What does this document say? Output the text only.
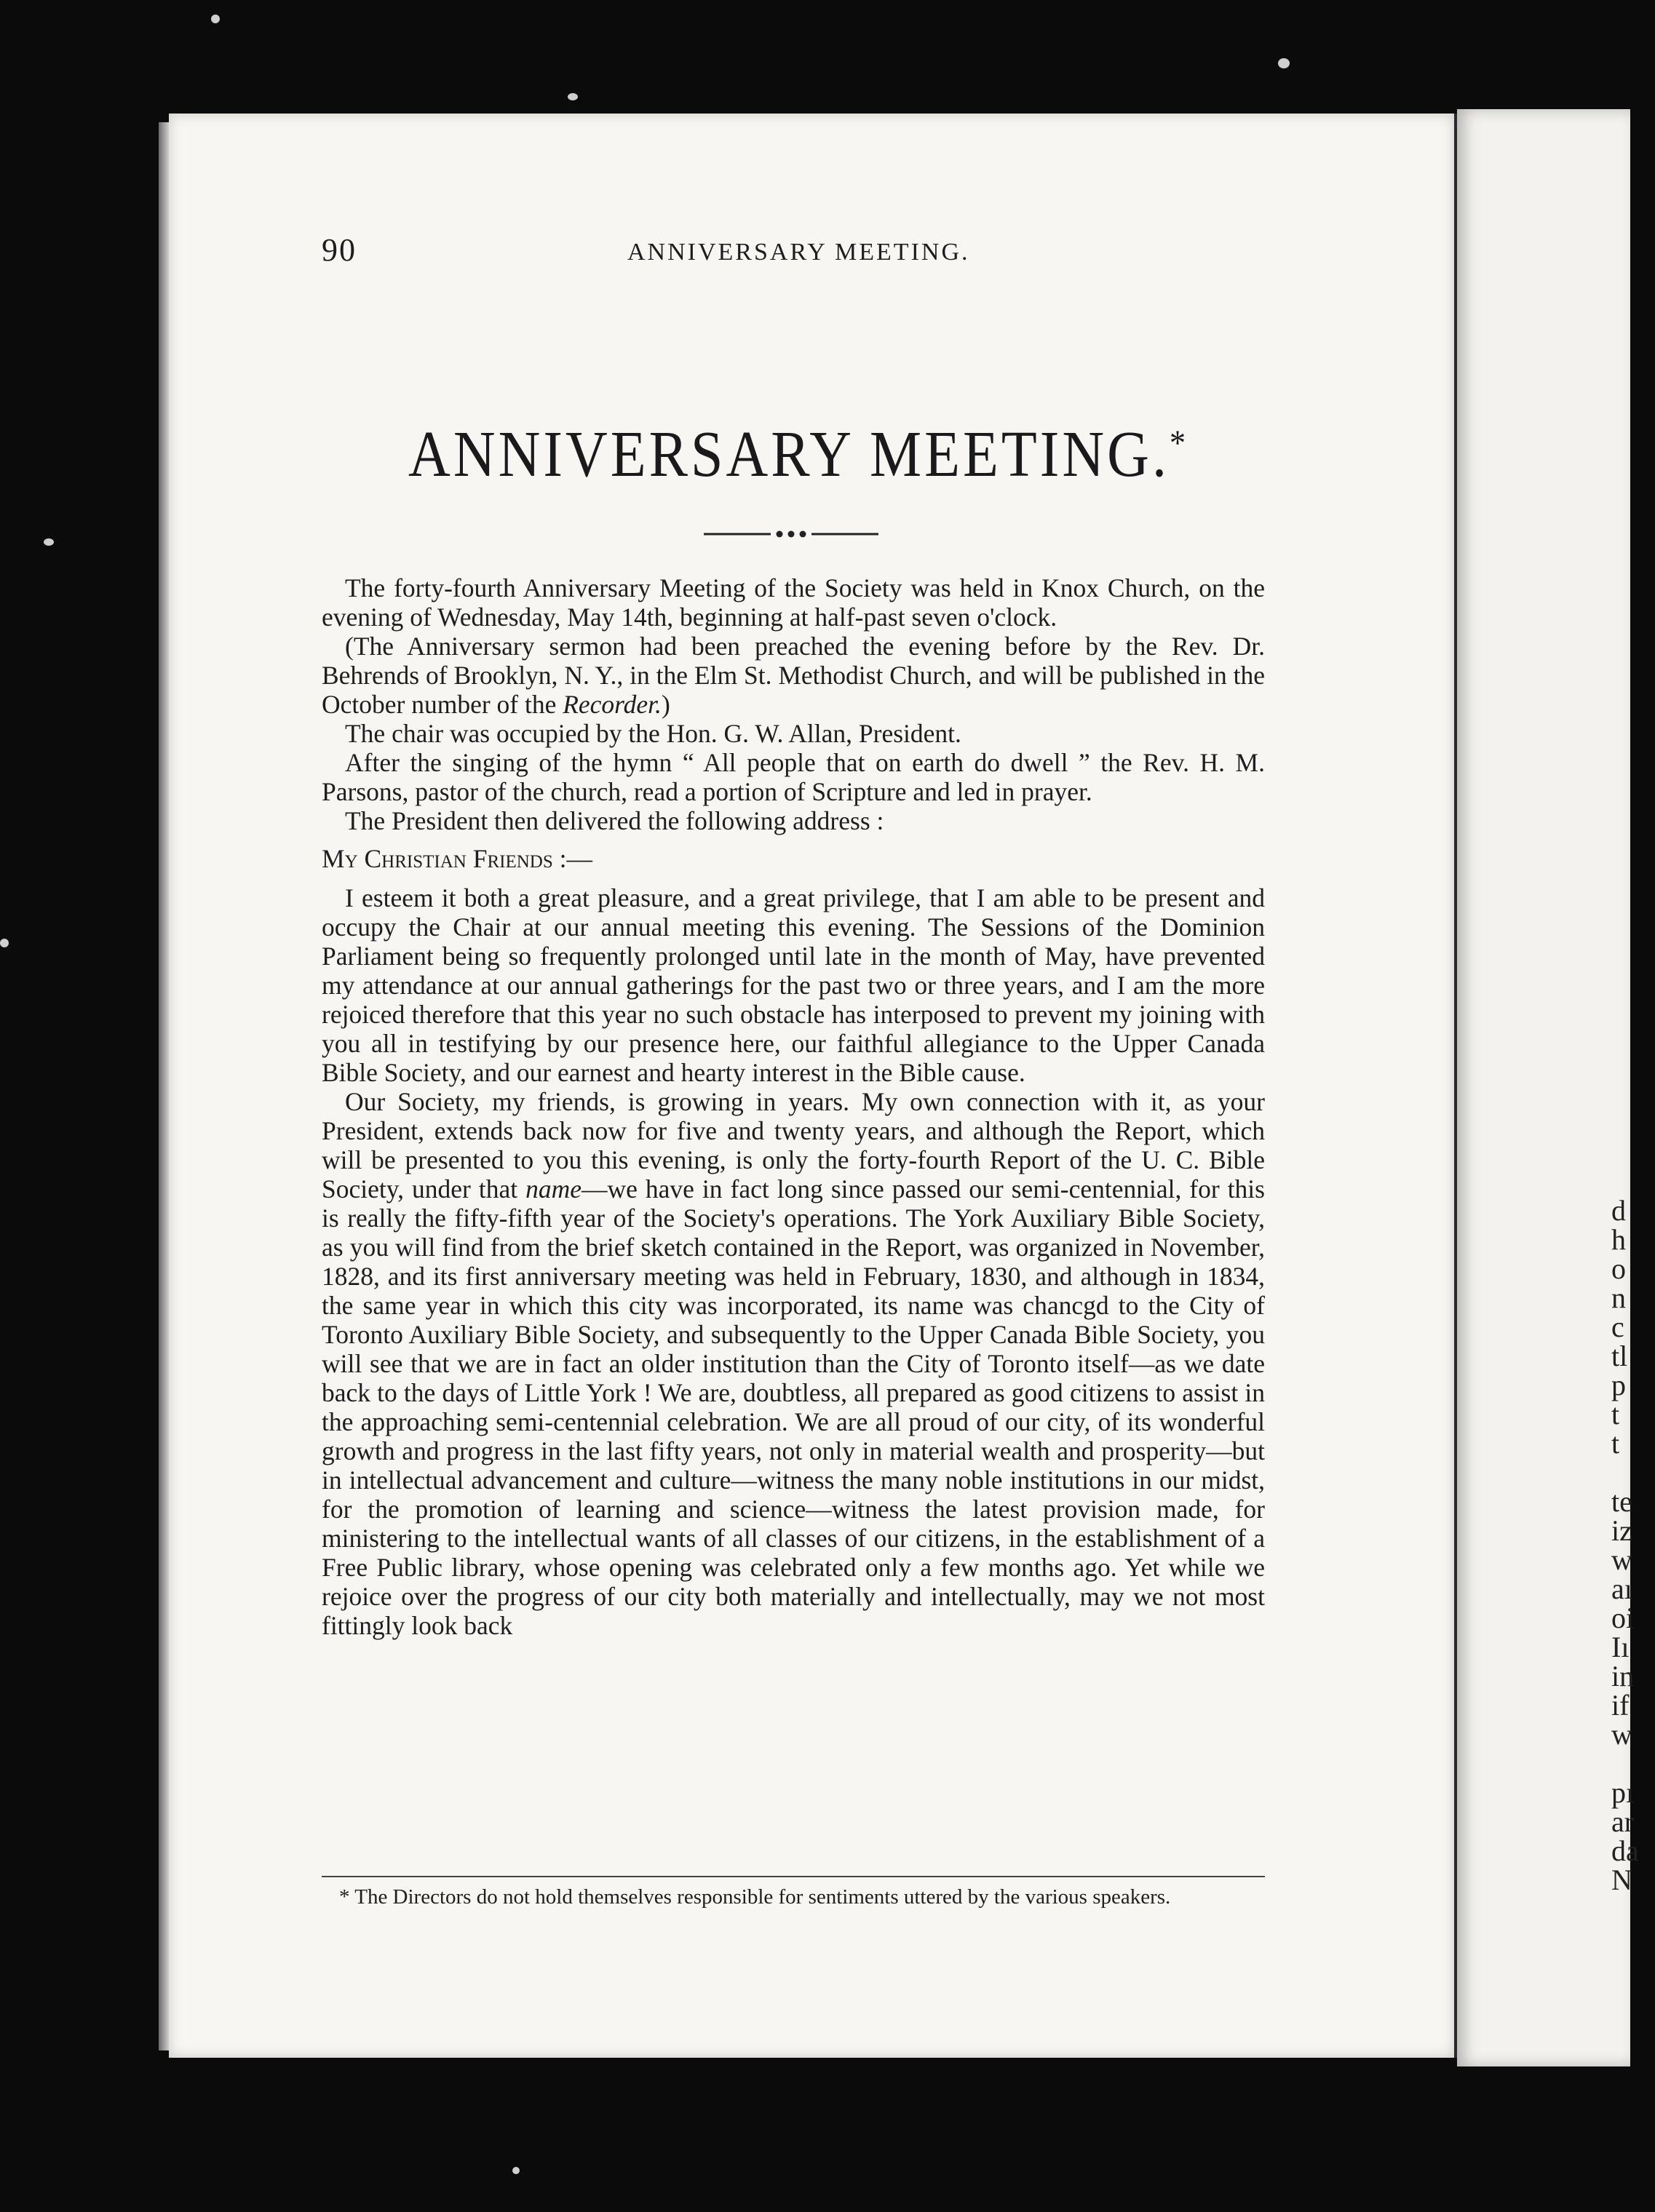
d
h
o
n
c
tl
p
t
t
te
iz
w
aı
oi
Iı
in
if
w
pı
ar
da
N
90	ANNIVERSARY MEETING.
ANNIVERSARY MEETING.*

The forty-fourth Anniversary Meeting of the Society was held in Knox Church, on the evening of Wednesday, May 14th, beginning at half-past seven o'clock.

(The Anniversary sermon had been preached the evening before by the Rev. Dr. Behrends of Brooklyn, N. Y., in the Elm St. Methodist Church, and will be published in the October number of the Recorder.)

The chair was occupied by the Hon. G. W. Allan, President.

After the singing of the hymn “ All people that on earth do dwell ” the Rev. H. M. Parsons, pastor of the church, read a portion of Scripture and led in prayer.

The President then delivered the following address :

My Christian Friends :—

I esteem it both a great pleasure, and a great privilege, that I am able to be present and occupy the Chair at our annual meeting this evening. The Sessions of the Dominion Parliament being so frequently prolonged until late in the month of May, have prevented my attendance at our annual gatherings for the past two or three years, and I am the more rejoiced therefore that this year no such obstacle has interposed to prevent my joining with you all in testifying by our presence here, our faithful allegiance to the Upper Canada Bible Society, and our earnest and hearty interest in the Bible cause.

Our Society, my friends, is growing in years. My own connection with it, as your President, extends back now for five and twenty years, and although the Report, which will be presented to you this evening, is only the forty-fourth Report of the U. C. Bible Society, under that name—we have in fact long since passed our semi-centennial, for this is really the fifty-fifth year of the Society's operations. The York Auxiliary Bible Society, as you will find from the brief sketch contained in the Report, was organized in November, 1828, and its first anniversary meeting was held in February, 1830, and although in 1834, the same year in which this city was incorporated, its name was chancgd to the City of Toronto Auxiliary Bible Society, and subsequently to the Upper Canada Bible Society, you will see that we are in fact an older institution than the City of Toronto itself—as we date back to the days of Little York ! We are, doubtless, all prepared as good citizens to assist in the approaching semi-centennial celebration. We are all proud of our city, of its wonderful growth and progress in the last fifty years, not only in material wealth and prosperity—but in intellectual advancement and culture—witness the many noble institutions in our midst, for the promotion of learning and science—witness the latest provision made, for ministering to the intellectual wants of all classes of our citizens, in the establishment of a Free Public library, whose opening was celebrated only a few months ago. Yet while we rejoice over the progress of our city both materially and intellectually, may we not most fittingly look back

* The Directors do not hold themselves responsible for sentiments uttered by the various speakers.
